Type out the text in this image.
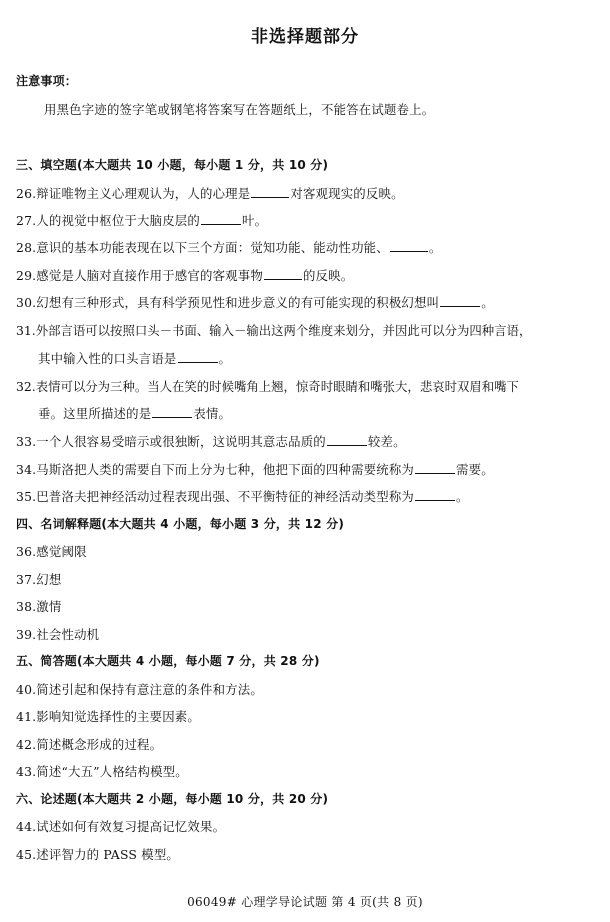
非选择题部分
注意事项：
用黑色字迹的签字笔或钢笔将答案写在答题纸上，不能答在试题卷上。
三、填空题(本大题共 10 小题，每小题 1 分，共 10 分)
26.辩证唯物主义心理观认为，人的心理是	对客观现实的反映。
27.人的视觉中枢位于大脑皮层的	叶。
28.意识的基本功能表现在以下三个方面：觉知功能、能动性功能、	。
29.感觉是人脑对直接作用于感官的客观事物	的反映。
30.幻想有三种形式，具有科学预见性和进步意义的有可能实现的积极幻想叫	。
31.外部言语可以按照口头－书面、输入－输出这两个维度来划分，并因此可以分为四种言语，
其中输入性的口头言语是	。
32.表情可以分为三种。当人在笑的时候嘴角上翘，惊奇时眼睛和嘴张大，悲哀时双眉和嘴下
垂。这里所描述的是	表情。
33.一个人很容易受暗示或很独断，这说明其意志品质的	较差。
34.马斯洛把人类的需要自下而上分为七种，他把下面的四种需要统称为	需要。
35.巴普洛夫把神经活动过程表现出强、不平衡特征的神经活动类型称为	。
四、名词解释题(本大题共 4 小题，每小题 3 分，共 12 分)
36.感觉阈限
37.幻想
38.激情
39.社会性动机
五、简答题(本大题共 4 小题，每小题 7 分，共 28 分)
40.简述引起和保持有意注意的条件和方法。
41.影响知觉选择性的主要因素。
42.简述概念形成的过程。
43.简述“大五”人格结构模型。
六、论述题(本大题共 2 小题，每小题 10 分，共 20 分)
44.试述如何有效复习提高记忆效果。
45.述评智力的 PASS 模型。
06049# 心理学导论试题 第 4 页(共 8 页)
